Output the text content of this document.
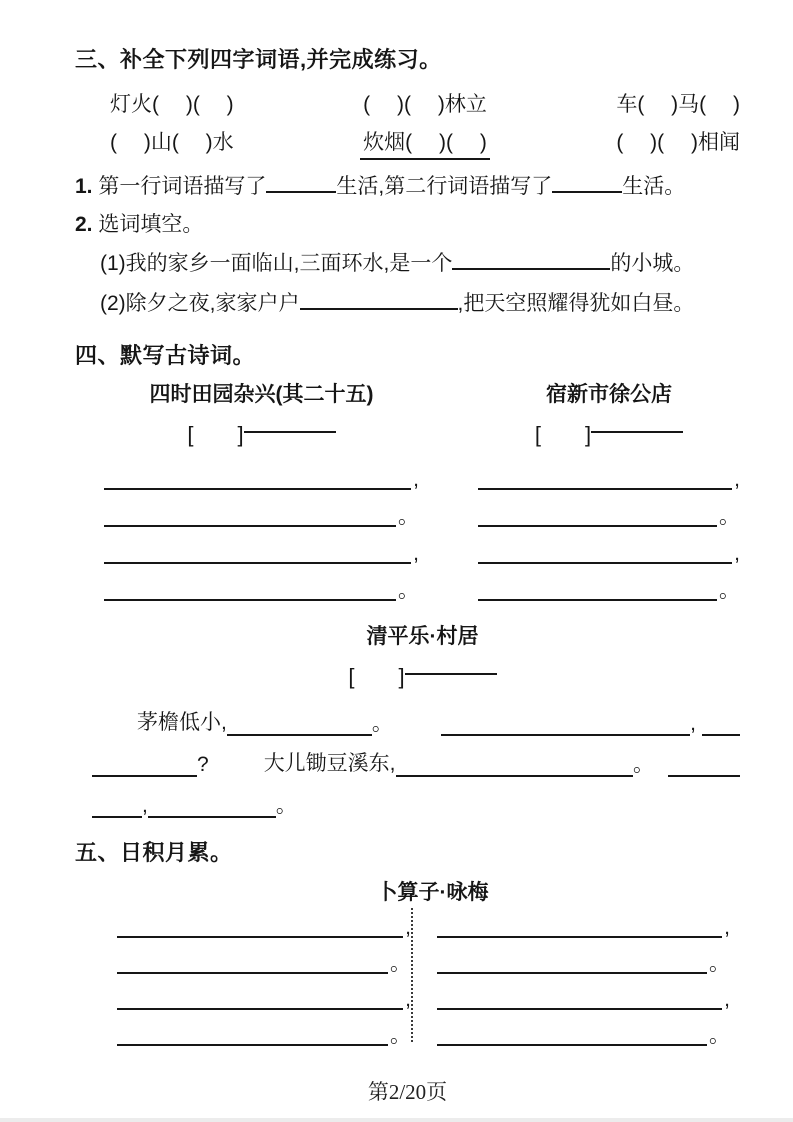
三、补全下列四字词语,并完成练习。
灯火(　 )(　 )	(　 )(　 )林立	车(　 )马(　 )
(　 )山(　 )水	炊烟(　 )(　 )	(　 )(　 )相闻
1. 第一行词语描写了	生活,第二行词语描写了	生活。
2. 选词填空。
(1)我的家乡一面临山,三面环水,是一个	的小城。
(2)除夕之夜,家家户户	,把天空照耀得犹如白昼。
四、默写古诗词。
四时田园杂兴(其二十五)	宿新市徐公店
[　　]	[　　]
,
。
,
。
,
。
,
。
清平乐·村居
[　　]
茅檐低小,	。	,
?	大儿锄豆溪东,	。
,	。
五、日积月累。
卜算子·咏梅
,
。
,
。
,
。
,
。
第2/20页
